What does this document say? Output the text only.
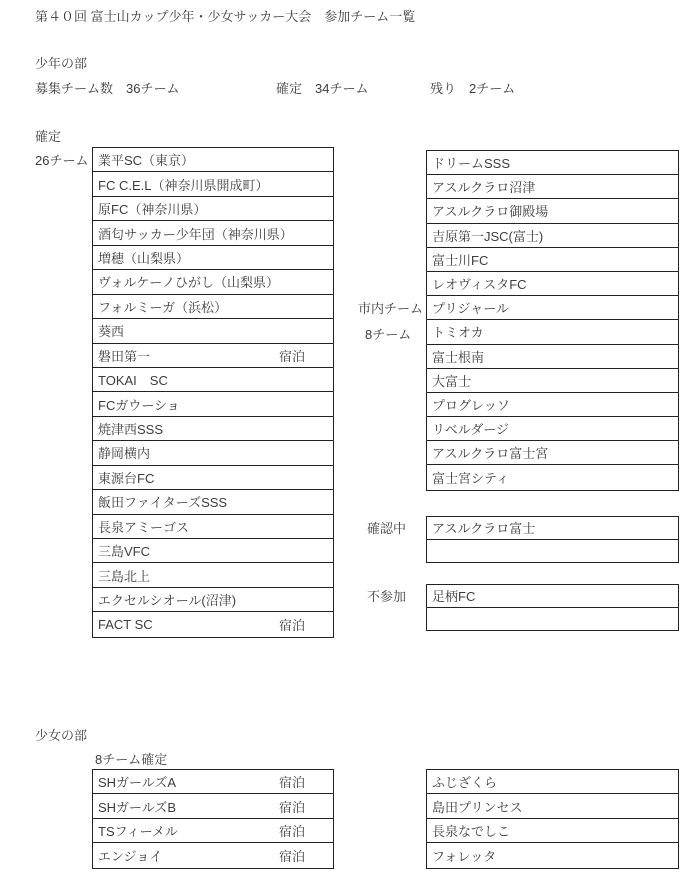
第４０回 富士山カップ少年・少女サッカー大会　参加チーム一覧
少年の部
募集チーム数　36チーム	確定　34チーム	残り　2チーム
確定
26チーム 業平SC（東京）
FC C.E.L（神奈川県開成町）
原FC（神奈川県）
酒匂サッカー少年団（神奈川県）
増穂（山梨県）
ヴォルケーノひがし（山梨県）
フォルミーガ（浜松）
葵西
磐田第一	宿泊
TOKAI　SC
FCガウーショ
焼津西SSS
静岡横内
東源台FC
飯田ファイターズSSS
長泉アミーゴス
三島VFC
三島北上
エクセルシオール(沼津)
FACT SC	宿泊
ドリームSSS
アスルクラロ沼津
アスルクラロ御殿場
吉原第一JSC(富士)
富士川FC
レオヴィスタFC
プリジャール
トミオカ
富士根南
大富士
プログレッソ
リベルダージ
アスルクラロ富士宮
富士宮シティ
市内チーム
8チーム
確認中 アスルクラロ富士
不参加 足柄FC
少女の部
8チーム確定
SHガールズA	宿泊
SHガールズB	宿泊
TSフィーメル	宿泊
エンジョイ	宿泊
ふじざくら
島田プリンセス
長泉なでしこ
フォレッタ
